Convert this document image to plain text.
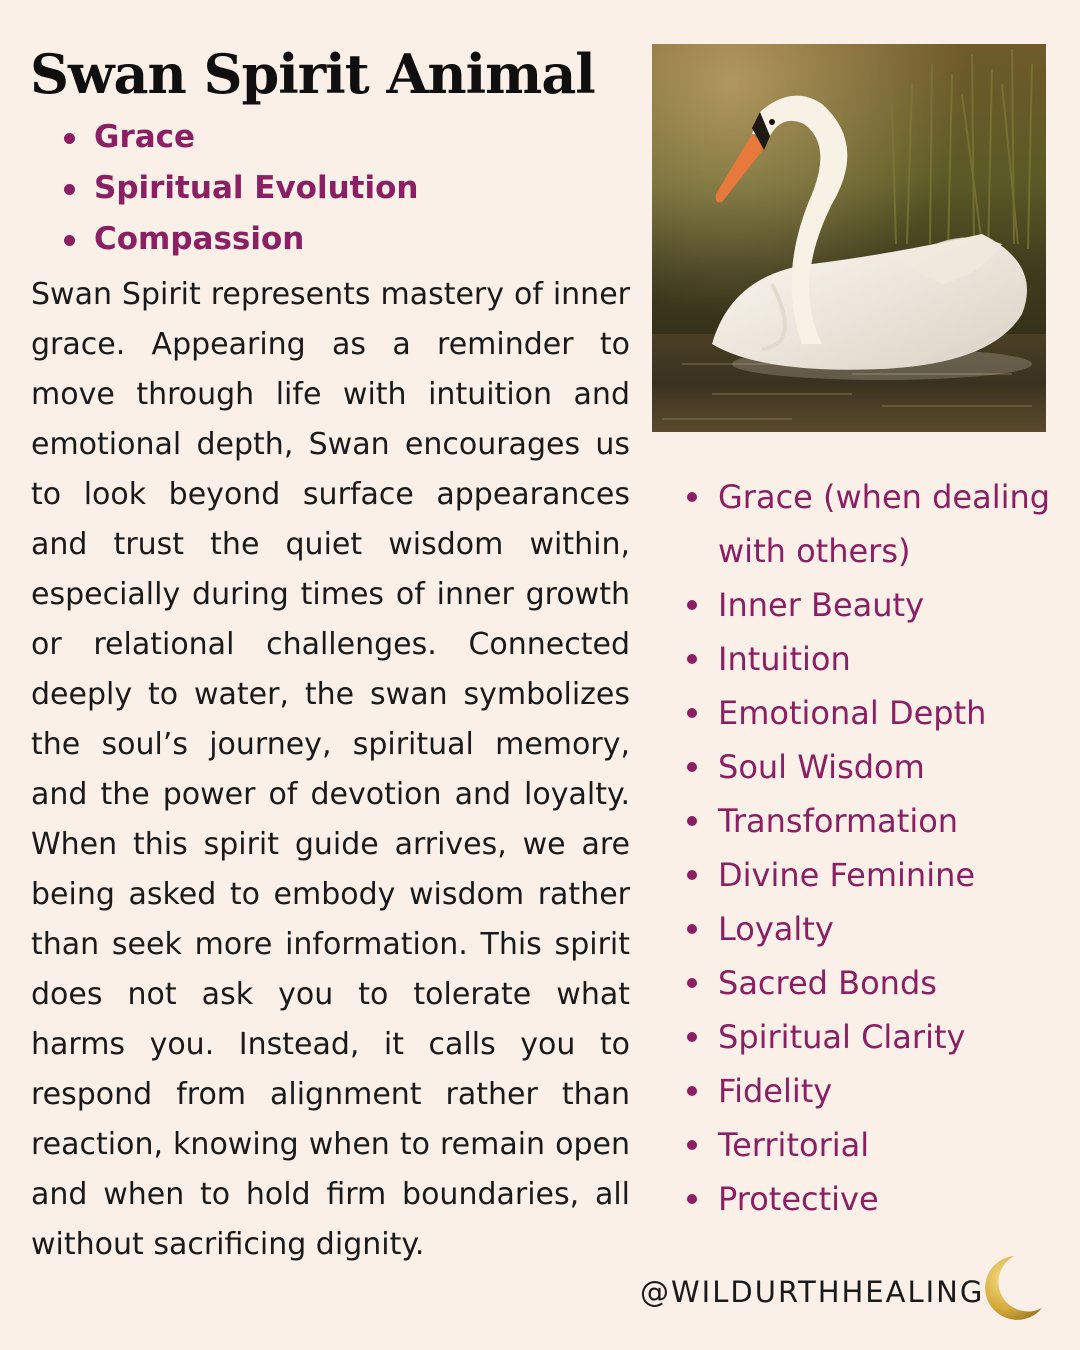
Swan Spirit Animal
Grace
Spiritual Evolution
Compassion

Swan Spirit represents mastery of inner grace. Appearing as a reminder to move through life with intuition and emotional depth, Swan encourages us to look beyond surface appearances and trust the quiet wisdom within, especially during times of inner growth or relational challenges. Connected deeply to water, the swan symbolizes the soul’s journey, spiritual memory, and the power of devotion and loyalty. When this spirit guide arrives, we are being asked to embody wisdom rather than seek more information. This spirit does not ask you to tolerate what harms you. Instead, it calls you to respond from alignment rather than reaction, knowing when to remain open and when to hold firm boundaries, all without sacrificing dignity.

Grace (when dealing with others)
Inner Beauty
Intuition
Emotional Depth
Soul Wisdom
Transformation
Divine Feminine
Loyalty
Sacred Bonds
Spiritual Clarity
Fidelity
Territorial
Protective

@WILDURTHHEALING
